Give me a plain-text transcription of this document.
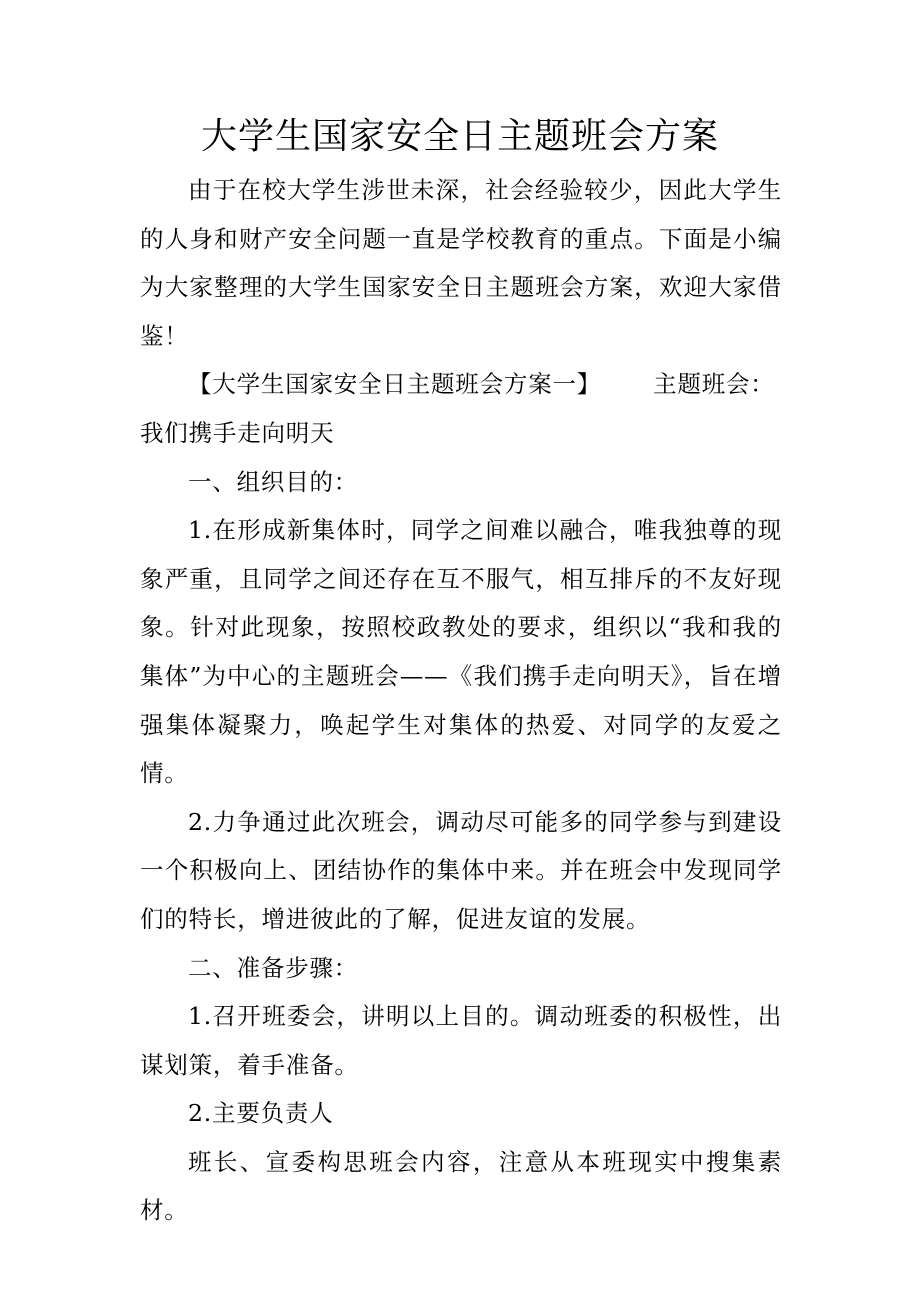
大学生国家安全日主题班会方案

由于在校大学生涉世未深，社会经验较少，因此大学生的人身和财产安全问题一直是学校教育的重点。下面是小编为大家整理的大学生国家安全日主题班会方案，欢迎大家借鉴！

【大学生国家安全日主题班会方案一】 主题班会：我们携手走向明天

一、组织目的：

1.在形成新集体时，同学之间难以融合，唯我独尊的现象严重，且同学之间还存在互不服气，相互排斥的不友好现象。针对此现象，按照校政教处的要求，组织以“我和我的集体”为中心的主题班会——《我们携手走向明天》，旨在增强集体凝聚力，唤起学生对集体的热爱、对同学的友爱之情。

2.力争通过此次班会，调动尽可能多的同学参与到建设一个积极向上、团结协作的集体中来。并在班会中发现同学们的特长，增进彼此的了解，促进友谊的发展。

二、准备步骤：

1.召开班委会，讲明以上目的。调动班委的积极性，出谋划策，着手准备。

2.主要负责人

班长、宣委构思班会内容，注意从本班现实中搜集素材。
